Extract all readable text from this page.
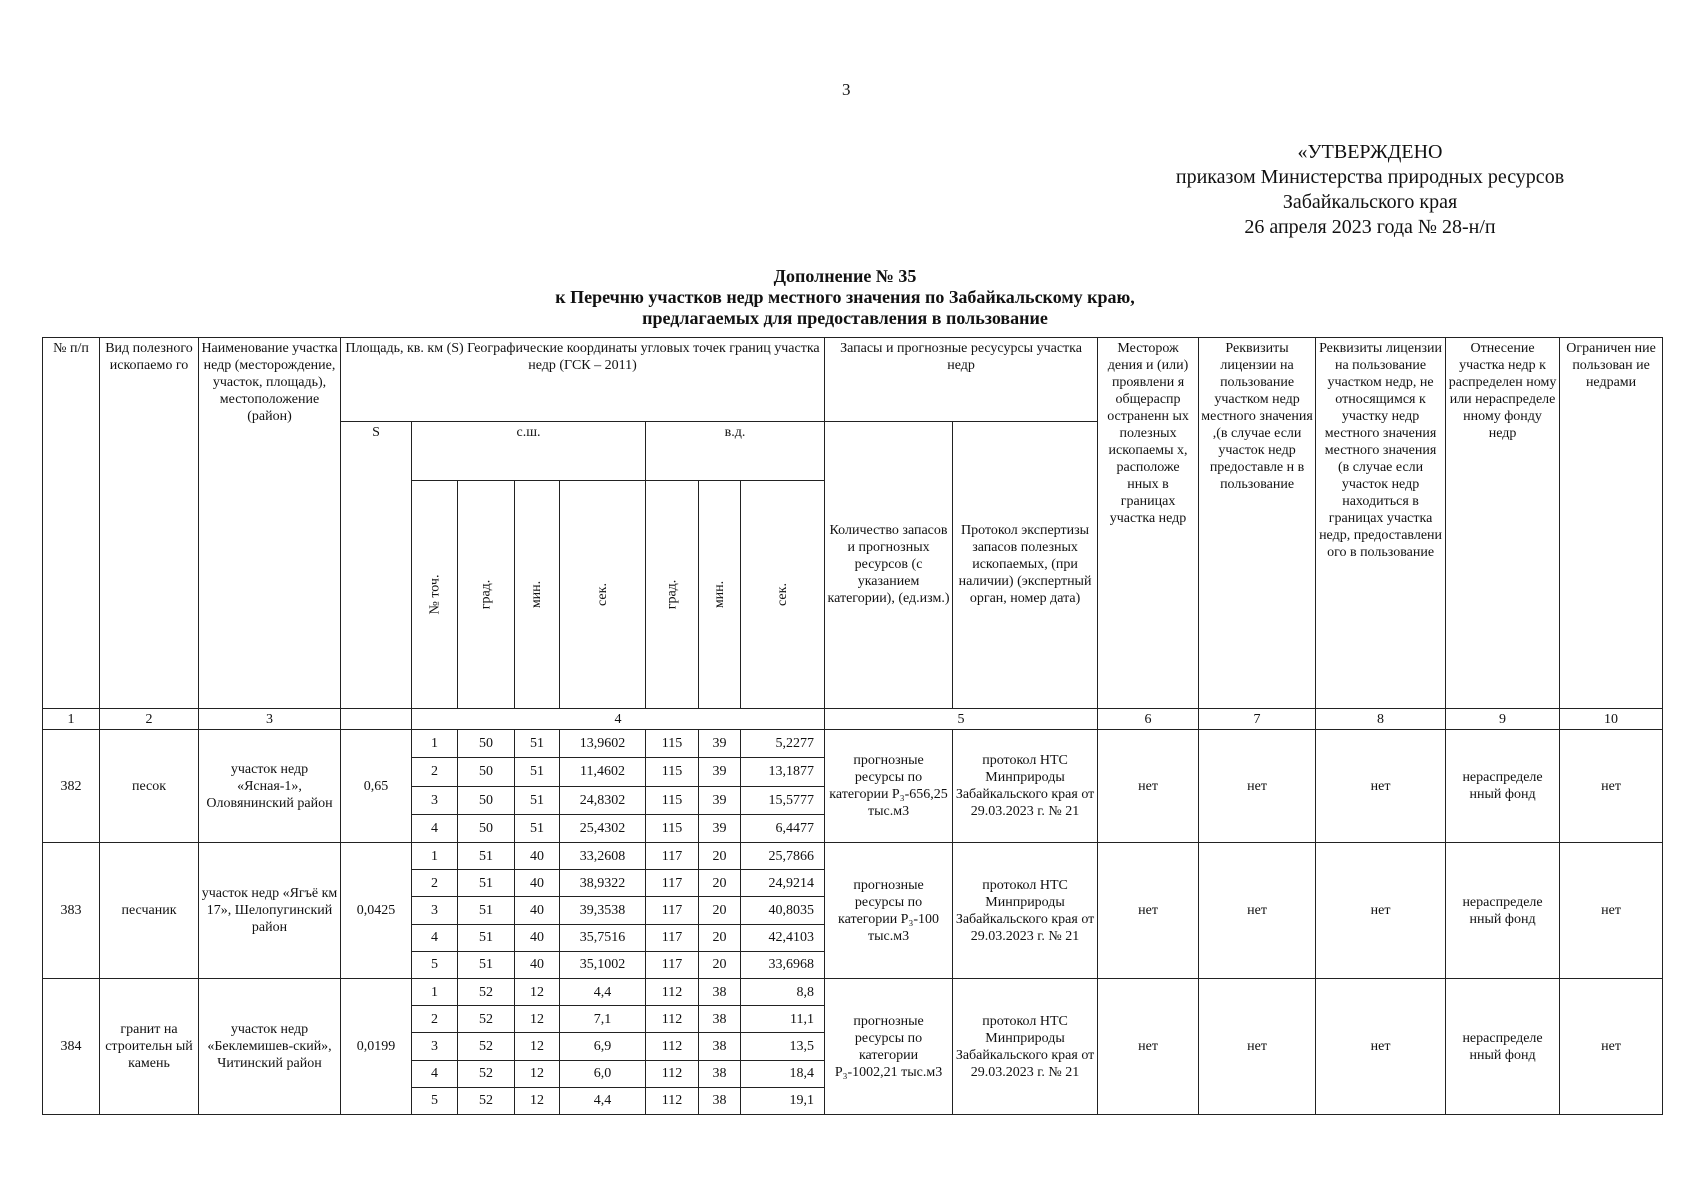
3
«УТВЕРЖДЕНО
приказом Министерства природных ресурсов
Забайкальского края
26 апреля 2023 года № 28-н/п
Дополнение № 35
к Перечню участков недр местного значения по Забайкальскому краю,
предлагаемых для предоставления в пользование
№ п/п	Вид полезного ископаемо го	Наименование участка недр (месторождение, участок, площадь), местоположение (район)	Площадь, кв. км (S) Географические координаты угловых точек границ участка недр (ГСК – 2011)								Запасы и прогнозные ресусурсы участка недр		Месторож дения и (или) проявлени я общераспр остраненн ых полезных ископаемы х, расположе нных в границах участка недр	Реквизиты лицензии на пользование участком недр местного значения ,(в случае если участок недр предоставле н в пользование	Реквизиты лицензии на пользование участком недр, не относящимся к участку недр местного значения местного значения (в случае если участок недр находиться в границах участка недр, предоставлени ого в пользование	Отнесение участка недр к распределен ному или нераспределе нному фонду недр	Ограничен ние пользован ие недрами
			S	с.ш.				в.д.			Количество запасов и прогнозных ресурсов (с указанием категории), (ед.изм.)	Протокол экспертизы запасов полезных ископаемых, (при наличии) (экспертный орган, номер дата)					
				№ точ.	град.	мин.	сек.	град.	мин.	сек.							
1	2	3		4							5		6	7	8	9	10
382	песок	участок недр «Ясная-1», Оловянинский район	0,65	1	50	51	13,9602	115	39	5,2277	прогнозные ресурсы по категории Р₃-656,25 тыс.м3	протокол НТС Минприроды Забайкальского края от 29.03.2023 г. № 21	нет	нет	нет	нераспределе нный фонд	нет
				2	50	51	11,4602	115	39	13,1877							
				3	50	51	24,8302	115	39	15,5777							
				4	50	51	25,4302	115	39	6,4477							
383	песчаник	участок недр «Ягъё км 17», Шелопугинский район	0,0425	1	51	40	33,2608	117	20	25,7866	прогнозные ресурсы по категории Р₃-100 тыс.м3	протокол НТС Минприроды Забайкальского края от 29.03.2023 г. № 21	нет	нет	нет	нераспределе нный фонд	нет
				2	51	40	38,9322	117	20	24,9214							
				3	51	40	39,3538	117	20	40,8035							
				4	51	40	35,7516	117	20	42,4103							
				5	51	40	35,1002	117	20	33,6968							
384	гранит на строительн ый камень	участок недр «Беклемишев-ский», Читинский район	0,0199	1	52	12	4,4	112	38	8,8	прогнозные ресурсы по категории Р₃-1002,21 тыс.м3	протокол НТС Минприроды Забайкальского края от 29.03.2023 г. № 21	нет	нет	нет	нераспределе нный фонд	нет
				2	52	12	7,1	112	38	11,1							
				3	52	12	6,9	112	38	13,5							
				4	52	12	6,0	112	38	18,4							
				5	52	12	4,4	112	38	19,1							
